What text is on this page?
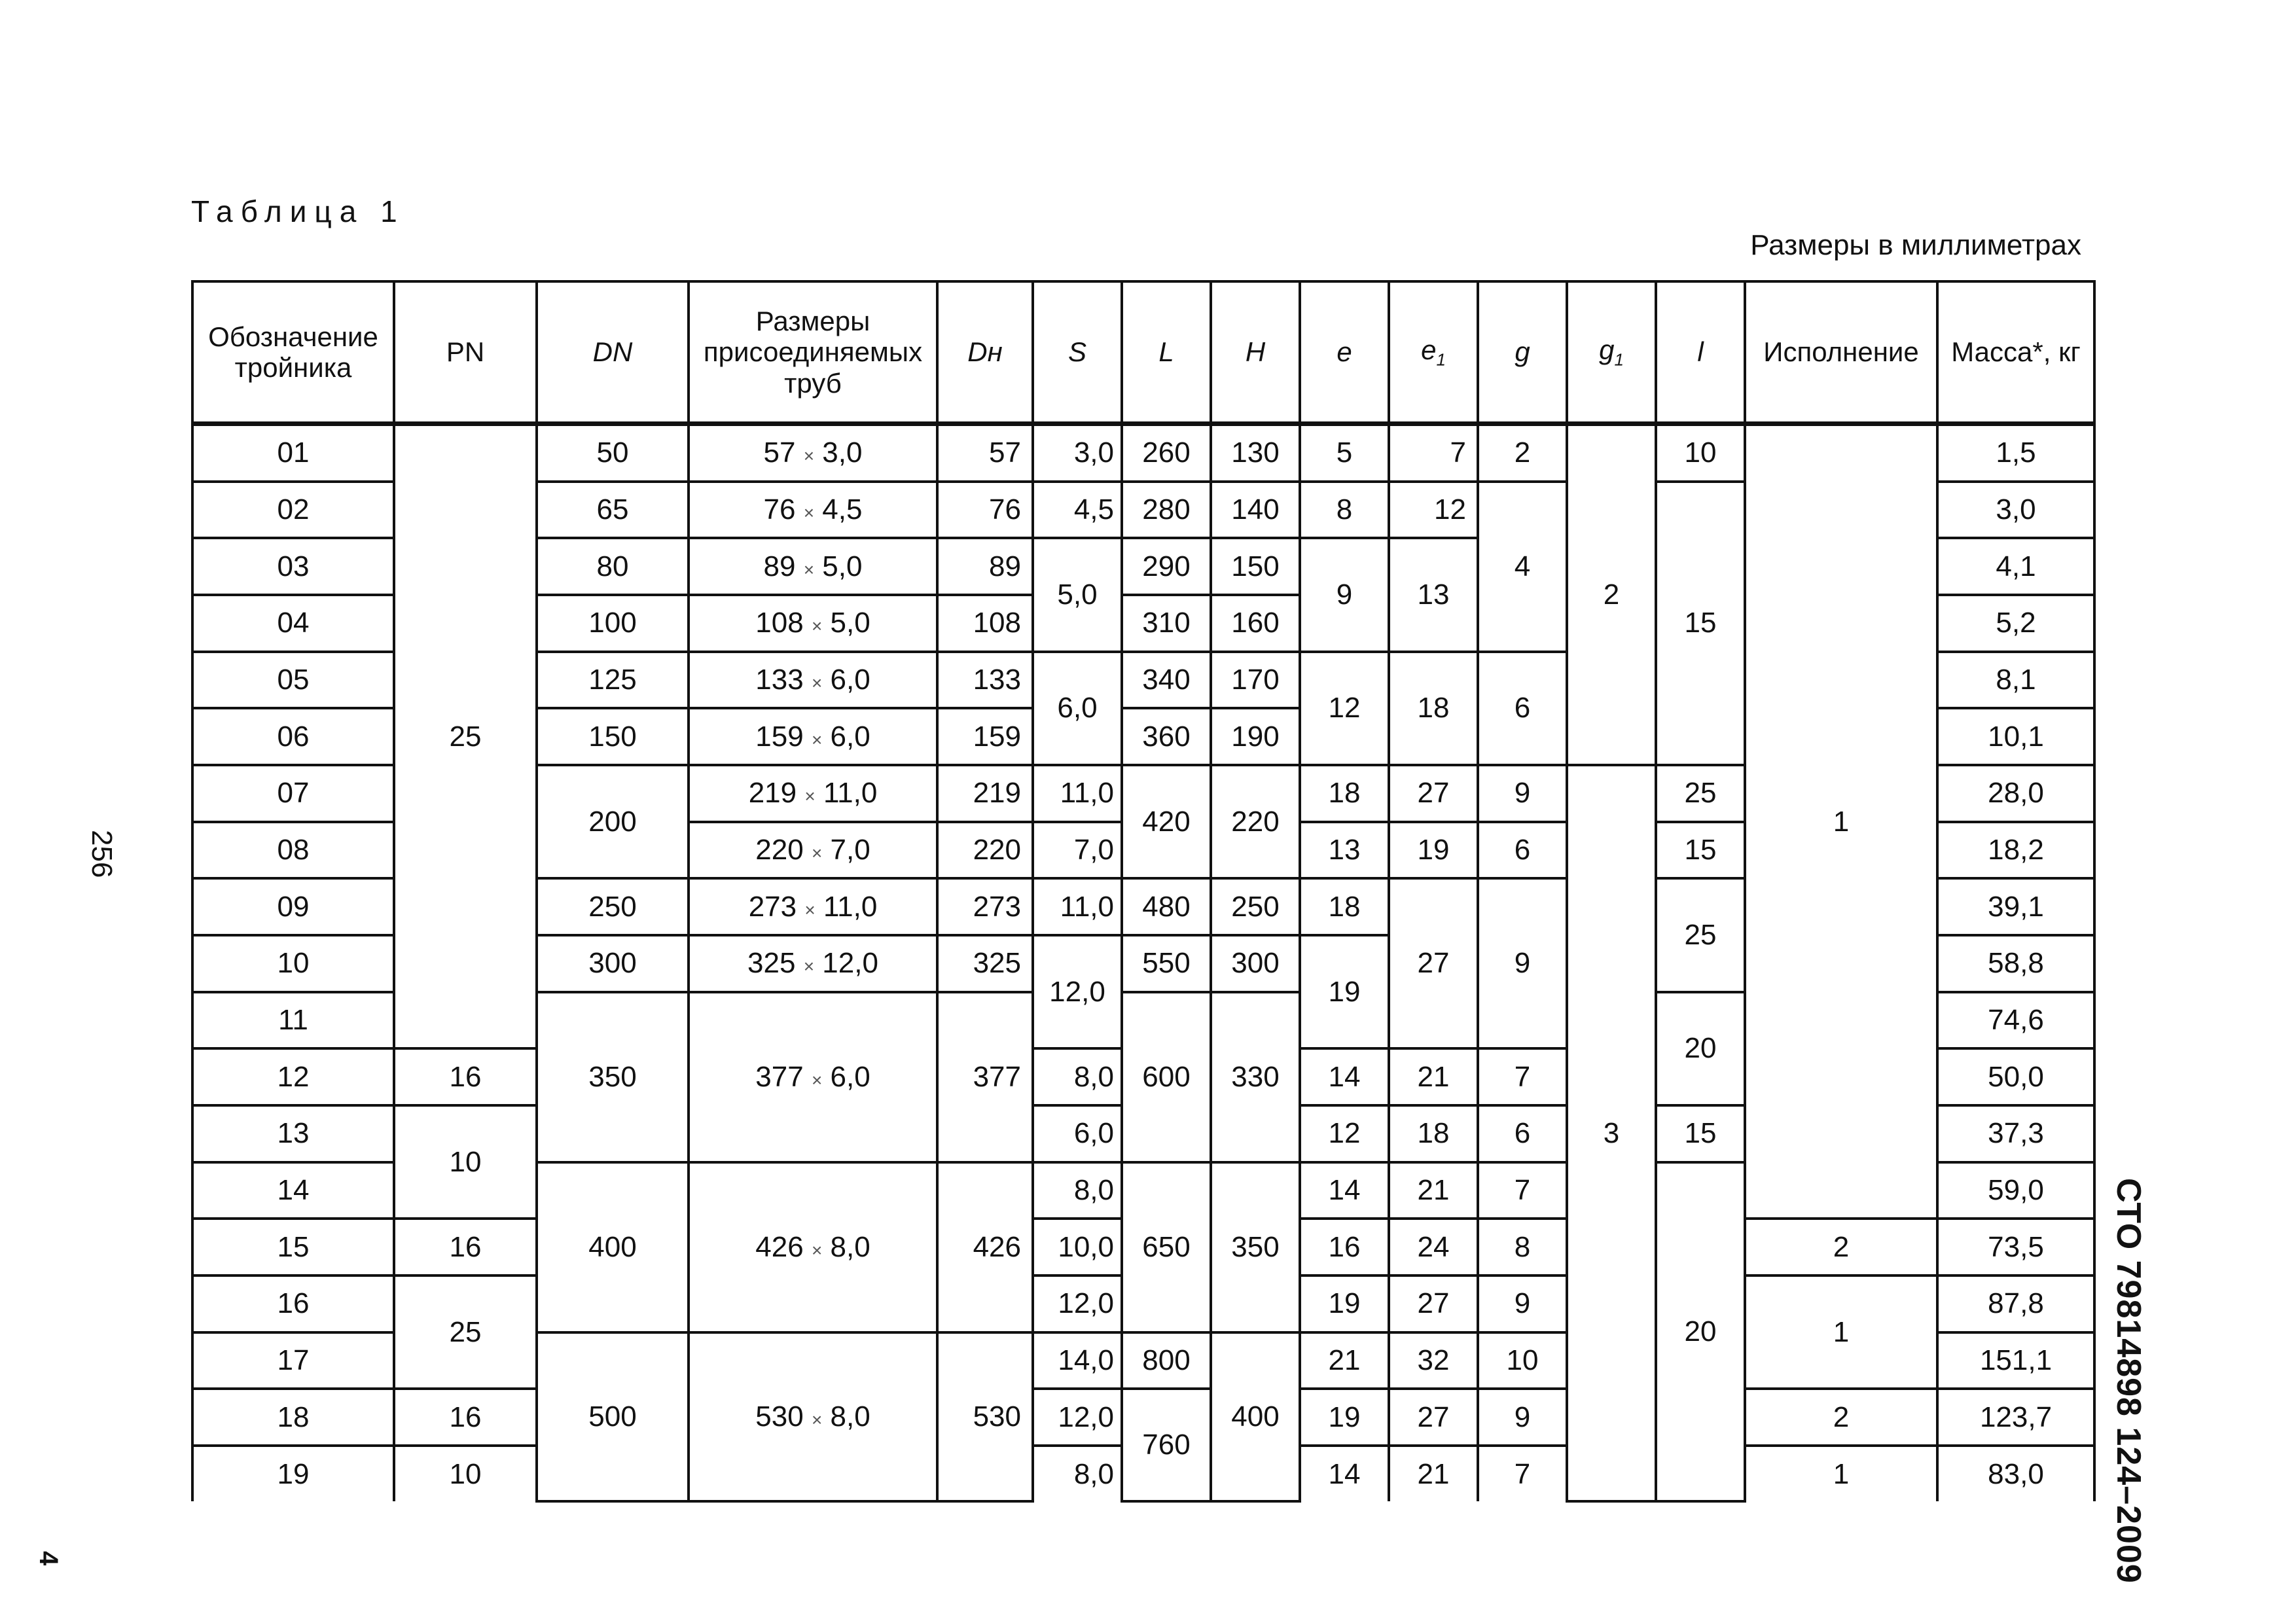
Таблица 1
Размеры в миллиметрах
256
СТО 79814898 124–2009
4
Обозначение тройника	PN	DN	Размеры присоединяемых труб	Dн	S	L	H	e	$e_1$	g	$g_1$	l	Исполнение	Масса*, кг
01	25	50	57 × 3,0	57	3,0	260	130	5	7	2	2	10	1	1,5
02		65	76 × 4,5	76	4,5	280	140	8	12	4		15		3,0
03		80	89 × 5,0	89	5,0	290	150	9	13					4,1
04		100	108 × 5,0	108		310	160							5,2
05		125	133 × 6,0	133	6,0	340	170	12	18	6				8,1
06		150	159 × 6,0	159		360	190							10,1
07		200	219 × 11,0	219	11,0	420	220	18	27	9	3	25		28,0
08			220 × 7,0	220	7,0			13	19	6		15		18,2
09		250	273 × 11,0	273	11,0	480	250	18	27	9		25		39,1
10		300	325 × 12,0	325	12,0	550	300	19						58,8
11		350	377 × 6,0	377		600	330					20		74,6
12	16				8,0			14	21	7				50,0
13	10				6,0			12	18	6		15		37,3
14		400	426 × 8,0	426	8,0	650	350	14	21	7		20		59,0
15	16				10,0			16	24	8			2	73,5
16	25				12,0			19	27	9			1	87,8
17		500	530 × 8,0	530	14,0	800	400	21	32	10				151,1
18	16				12,0	760		19	27	9			2	123,7
19	10				8,0			14	21	7			1	83,0
